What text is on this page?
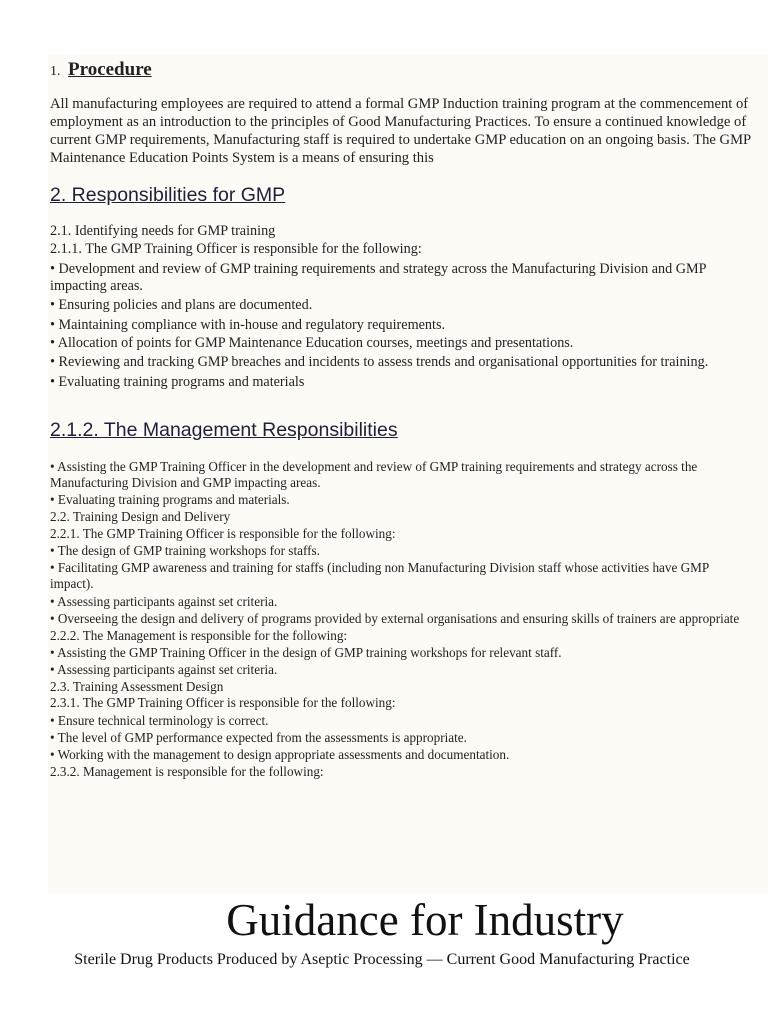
1. Procedure
All manufacturing employees are required to attend a formal GMP Induction training program at the commencement of
employment as an introduction to the principles of Good Manufacturing Practices. To ensure a continued knowledge of
current GMP requirements, Manufacturing staff is required to undertake GMP education on an ongoing basis. The GMP
Maintenance Education Points System is a means of ensuring this
2. Responsibilities for GMP
2.1. Identifying needs for GMP training
2.1.1. The GMP Training Officer is responsible for the following:
• Development and review of GMP training requirements and strategy across the Manufacturing Division and GMP
impacting areas.
• Ensuring policies and plans are documented.
• Maintaining compliance with in-house and regulatory requirements.
• Allocation of points for GMP Maintenance Education courses, meetings and presentations.
• Reviewing and tracking GMP breaches and incidents to assess trends and organisational opportunities for training.
• Evaluating training programs and materials
2.1.2. The Management Responsibilities
• Assisting the GMP Training Officer in the development and review of GMP training requirements and strategy across the
Manufacturing Division and GMP impacting areas.
• Evaluating training programs and materials.
2.2. Training Design and Delivery
2.2.1. The GMP Training Officer is responsible for the following:
• The design of GMP training workshops for staffs.
• Facilitating GMP awareness and training for staffs (including non Manufacturing Division staff whose activities have GMP
impact).
• Assessing participants against set criteria.
• Overseeing the design and delivery of programs provided by external organisations and ensuring skills of trainers are appropriate
2.2.2. The Management is responsible for the following:
• Assisting the GMP Training Officer in the design of GMP training workshops for relevant staff.
• Assessing participants against set criteria.
2.3. Training Assessment Design
2.3.1. The GMP Training Officer is responsible for the following:
• Ensure technical terminology is correct.
• The level of GMP performance expected from the assessments is appropriate.
• Working with the management to design appropriate assessments and documentation.
2.3.2. Management is responsible for the following:
Guidance for Industry
Sterile Drug Products Produced by Aseptic Processing — Current Good Manufacturing Practice
